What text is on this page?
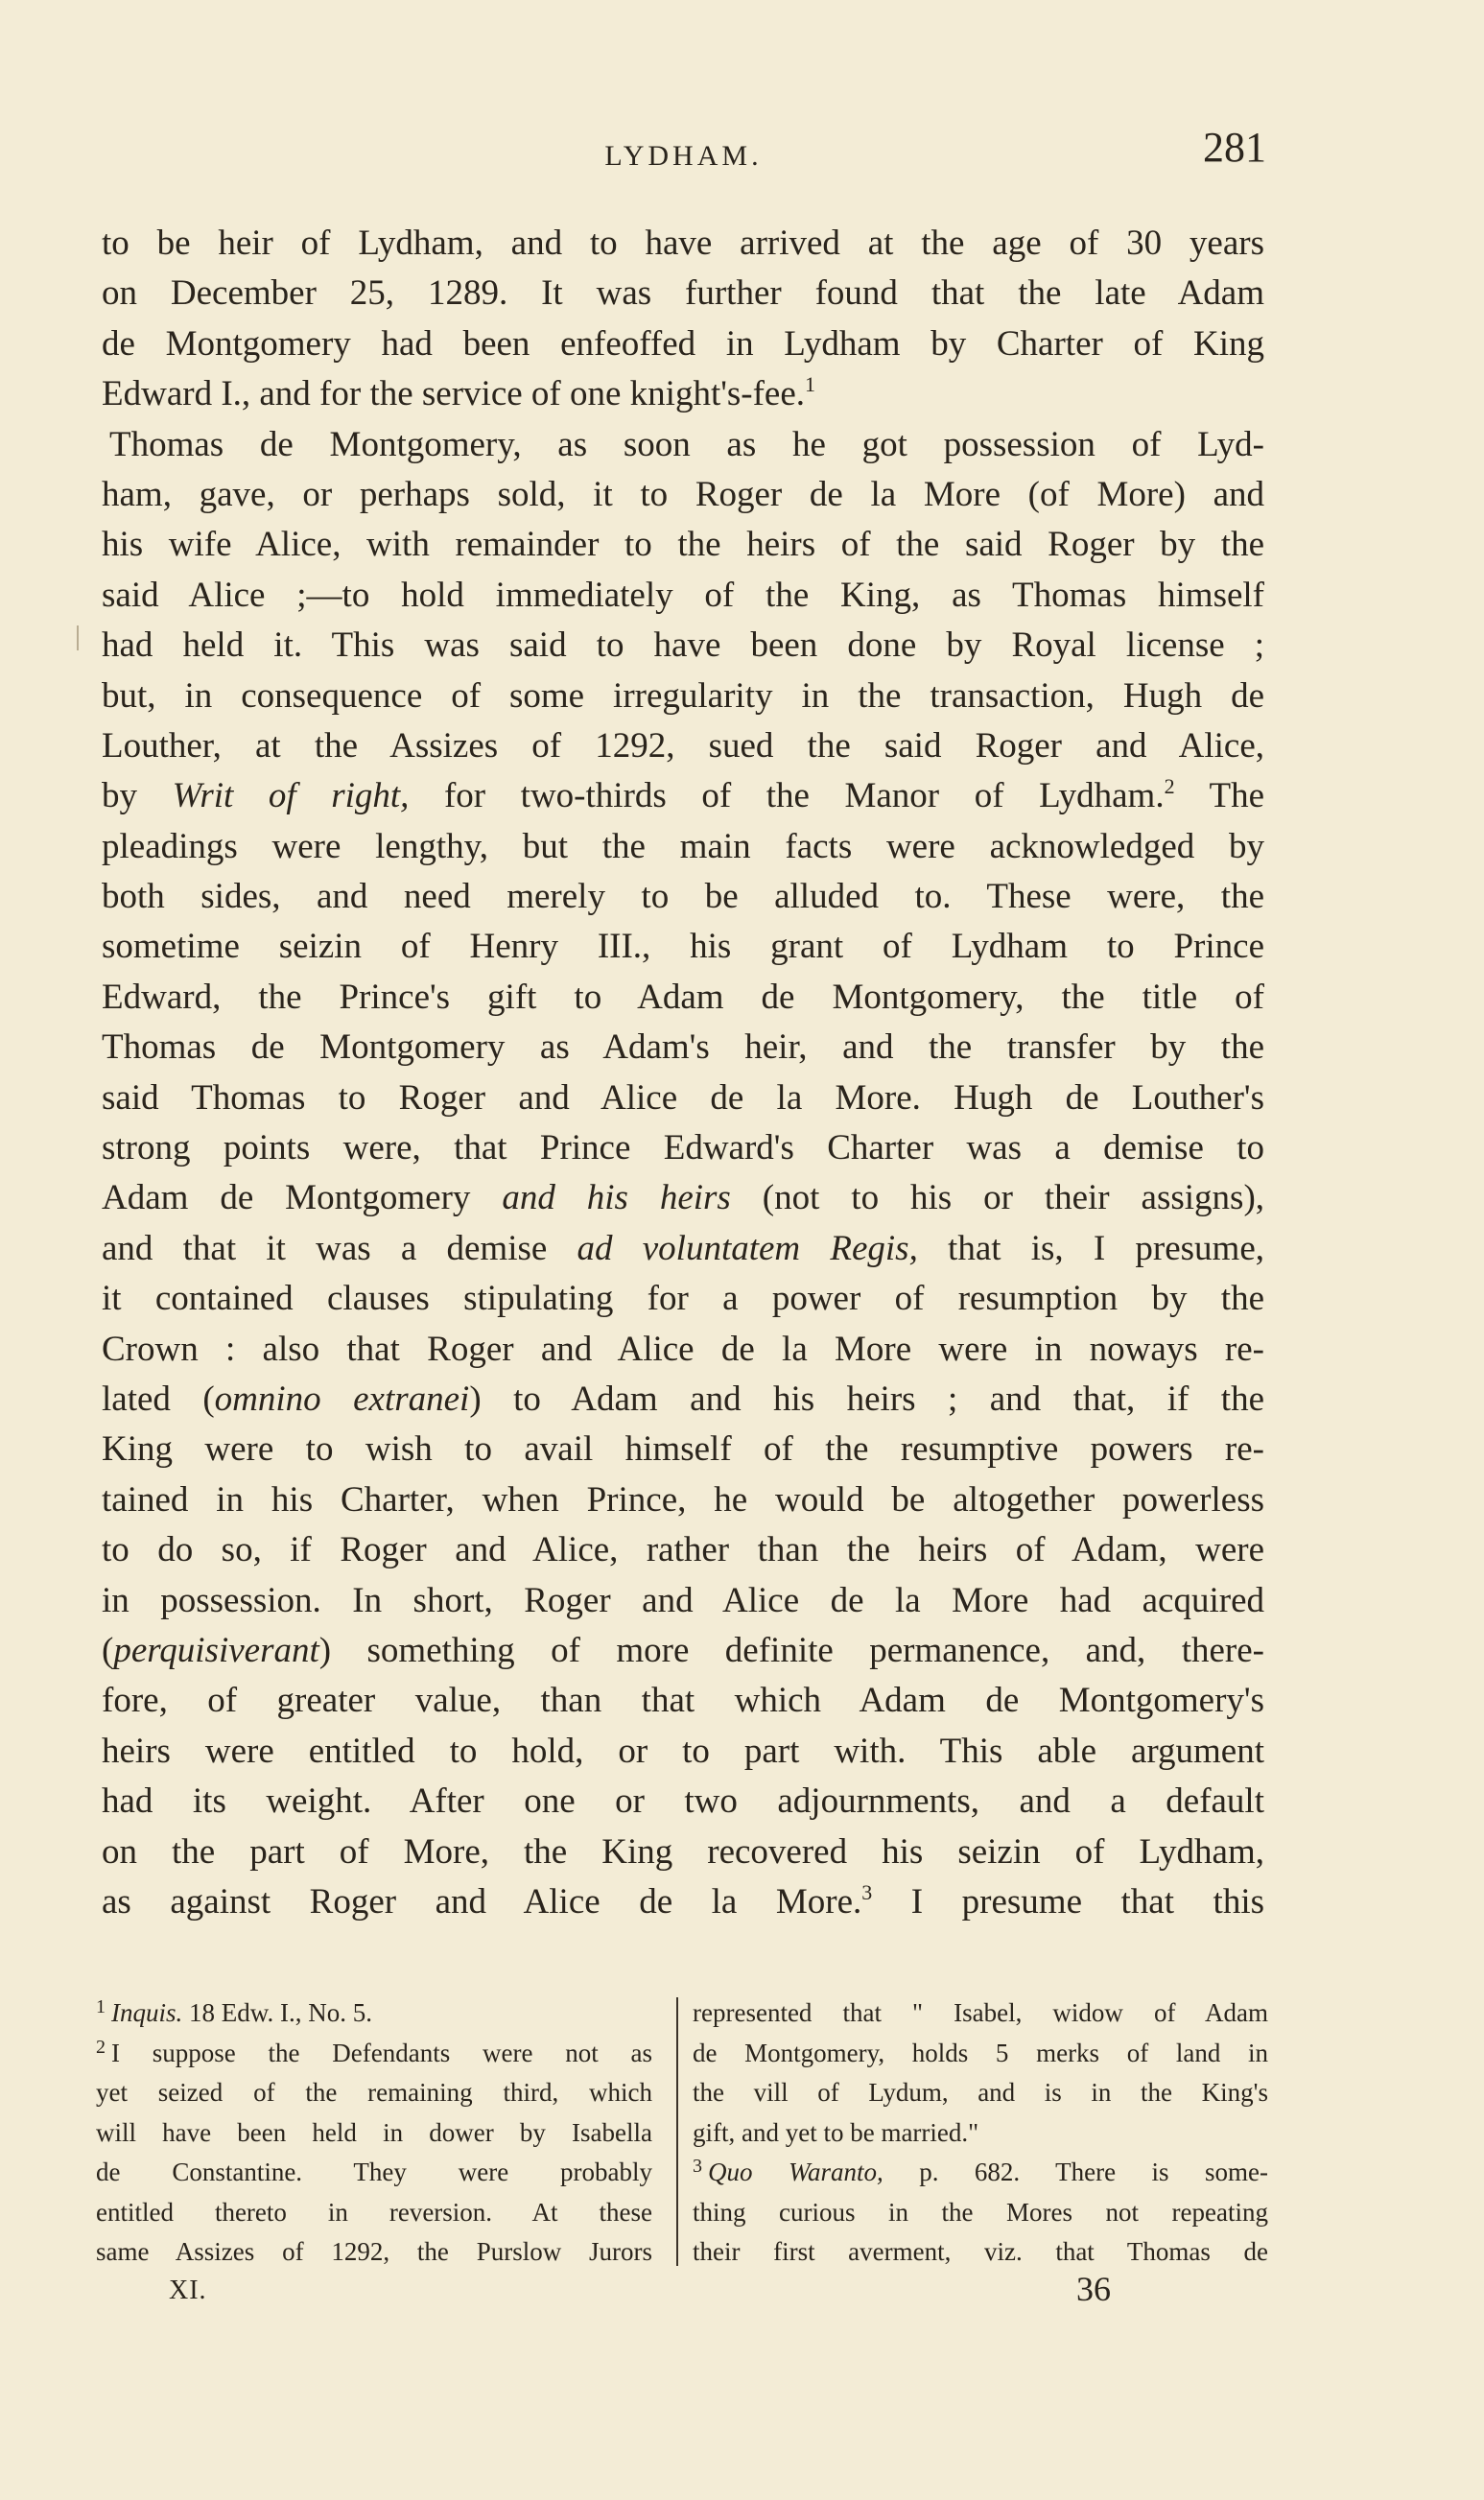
LYDHAM.	281
to be heir of Lydham, and to have arrived at the age of 30 years
on December 25, 1289. It was further found that the late Adam
de Montgomery had been enfeoffed in Lydham by Charter of King
Edward I., and for the service of one knight's-fee.$^1$
Thomas de Montgomery, as soon as he got possession of Lyd-
ham, gave, or perhaps sold, it to Roger de la More (of More) and
his wife Alice, with remainder to the heirs of the said Roger by the
said Alice ;—to hold immediately of the King, as Thomas himself
had held it. This was said to have been done by Royal license ;
but, in consequence of some irregularity in the transaction, Hugh de
Louther, at the Assizes of 1292, sued the said Roger and Alice,
by Writ of right, for two-thirds of the Manor of Lydham.$^2$ The
pleadings were lengthy, but the main facts were acknowledged by
both sides, and need merely to be alluded to. These were, the
sometime seizin of Henry III., his grant of Lydham to Prince
Edward, the Prince's gift to Adam de Montgomery, the title of
Thomas de Montgomery as Adam's heir, and the transfer by the
said Thomas to Roger and Alice de la More. Hugh de Louther's
strong points were, that Prince Edward's Charter was a demise to
Adam de Montgomery and his heirs (not to his or their assigns),
and that it was a demise ad voluntatem Regis, that is, I presume,
it contained clauses stipulating for a power of resumption by the
Crown : also that Roger and Alice de la More were in noways re-
lated (omnino extranei) to Adam and his heirs ; and that, if the
King were to wish to avail himself of the resumptive powers re-
tained in his Charter, when Prince, he would be altogether powerless
to do so, if Roger and Alice, rather than the heirs of Adam, were
in possession. In short, Roger and Alice de la More had acquired
(perquisiverant) something of more definite permanence, and, there-
fore, of greater value, than that which Adam de Montgomery's
heirs were entitled to hold, or to part with. This able argument
had its weight. After one or two adjournments, and a default
on the part of More, the King recovered his seizin of Lydham,
as against Roger and Alice de la More.$^3$ I presume that this
$^1$ Inquis. 18 Edw. I., No. 5.
$^2$ I suppose the Defendants were not as
yet seized of the remaining third, which
will have been held in dower by Isabella
de Constantine. They were probably
entitled thereto in reversion. At these
same Assizes of 1292, the Purslow Jurors
represented that " Isabel, widow of Adam
de Montgomery, holds 5 merks of land in
the vill of Lydum, and is in the King's
gift, and yet to be married."
$^3$ Quo Waranto, p. 682. There is some-
thing curious in the Mores not repeating
their first averment, viz. that Thomas de
XI.	36
